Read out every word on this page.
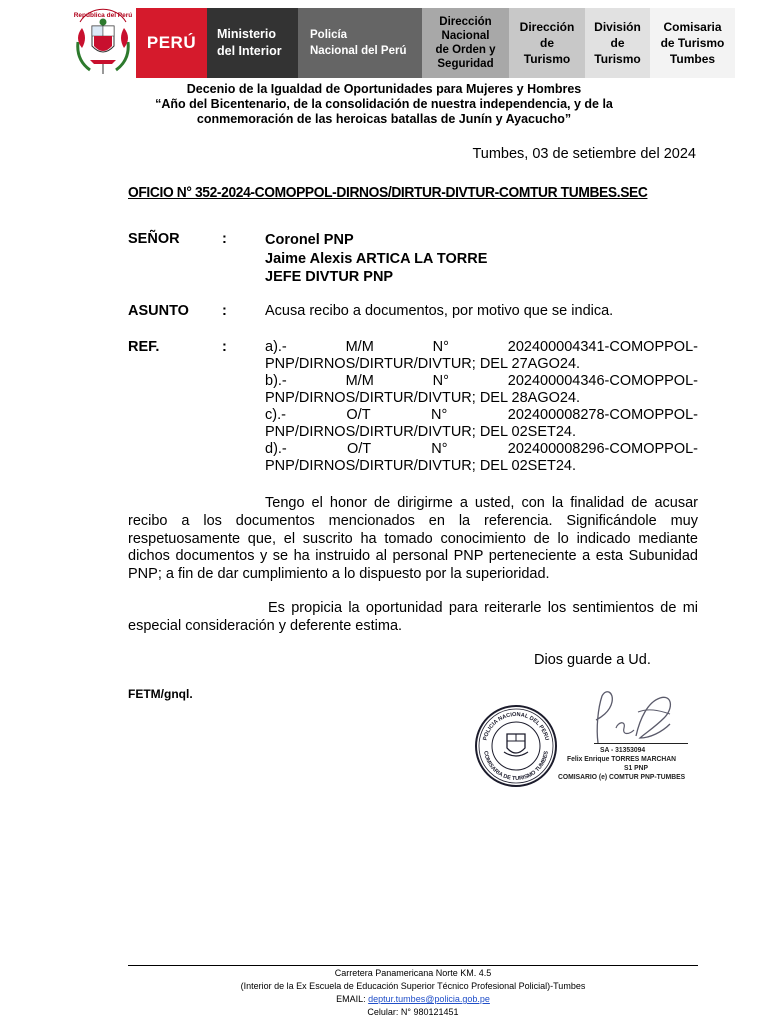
República del Perú
PERÚ Ministerio
del Interior
Policía
Nacional del Perú
Dirección
Nacional
de Orden y
Seguridad
Dirección
de
Turismo
División
de
Turismo
Comisaria
de Turismo
Tumbes
Decenio de la Igualdad de Oportunidades para Mujeres y Hombres
“Año del Bicentenario, de la consolidación de nuestra independencia, y de la
conmemoración de las heroicas batallas de Junín y Ayacucho”
Tumbes, 03 de setiembre del 2024
OFICIO N° 352-2024-COMOPPOL-DIRNOS/DIRTUR-DIVTUR-COMTUR TUMBES.SEC
SEÑOR	:	Coronel PNP
Jaime Alexis ARTICA LA TORRE
JEFE DIVTUR PNP
ASUNTO :	Acusa recibo a documentos, por motivo que se indica.
REF.	:	a).-	M/M	N°	202400004341-COMOPPOL-
PNP/DIRNOS/DIRTUR/DIVTUR; DEL 27AGO24.
b).-	M/M	N°	202400004346-COMOPPOL-
PNP/DIRNOS/DIRTUR/DIVTUR; DEL 28AGO24.
c).-	O/T	N°	202400008278-COMOPPOL-
PNP/DIRNOS/DIRTUR/DIVTUR; DEL 02SET24.
d).-	O/T	N°	202400008296-COMOPPOL-
PNP/DIRNOS/DIRTUR/DIVTUR; DEL 02SET24.
Tengo el honor de dirigirme a usted, con la finalidad de acusar recibo a los documentos mencionados en la referencia. Significándole muy respetuosamente que, el suscrito ha tomado conocimiento de lo indicado mediante dichos documentos y se ha instruido al personal PNP perteneciente a esta Subunidad PNP; a fin de dar cumplimiento a lo dispuesto por la superioridad.
Es propicia la oportunidad para reiterarle los sentimientos de mi especial consideración y deferente estima.
Dios guarde a Ud.
FETM/gnql.
POLICIA NACIONAL DEL PERU
COMISARIA DE TURISMO TUMBES	SA - 31353094
Felix Enrique TORRES MARCHAN
S1 PNP
COMISARIO (e) COMTUR PNP-TUMBES
Carretera Panamericana Norte KM. 4.5
(Interior de la Ex Escuela de Educación Superior Técnico Profesional Policial)-Tumbes
EMAIL: deptur.tumbes@policia.gob.pe
Celular: N° 980121451
